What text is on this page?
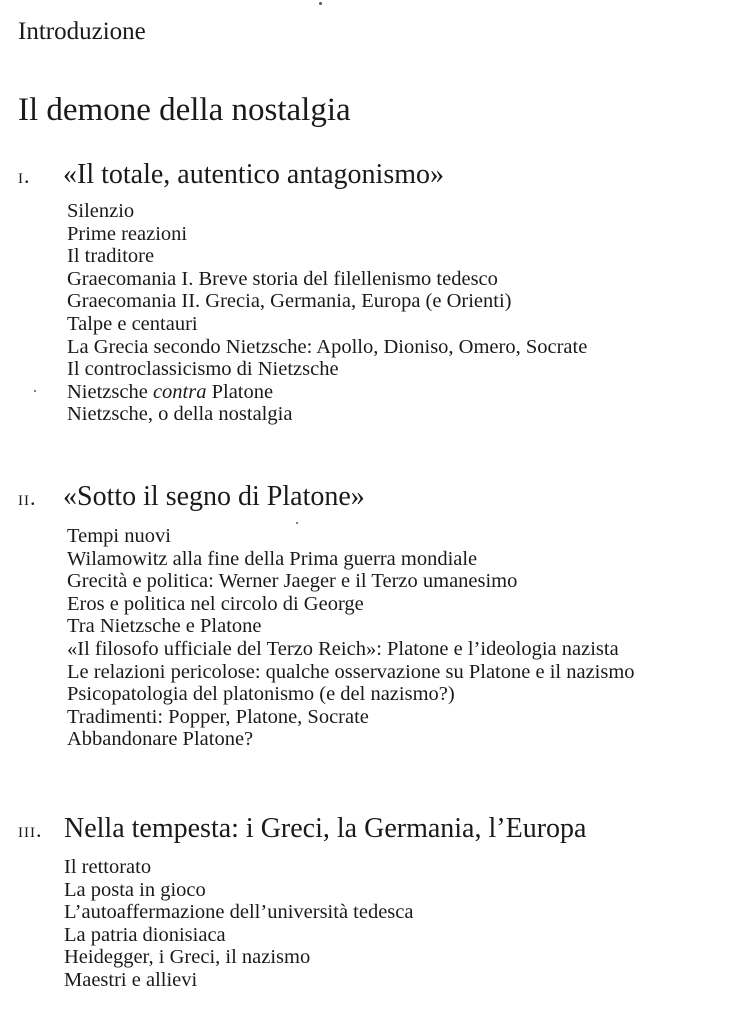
Introduzione
Il demone della nostalgia
i. «Il totale, autentico antagonismo»
Silenzio
Prime reazioni
Il traditore
Graecomania I. Breve storia del filellenismo tedesco
Graecomania II. Grecia, Germania, Europa (e Orienti)
Talpe e centauri
La Grecia secondo Nietzsche: Apollo, Dioniso, Omero, Socrate
Il controclassicismo di Nietzsche
Nietzsche contra Platone
Nietzsche, o della nostalgia
ii. «Sotto il segno di Platone»
Tempi nuovi
Wilamowitz alla fine della Prima guerra mondiale
Grecità e politica: Werner Jaeger e il Terzo umanesimo
Eros e politica nel circolo di George
Tra Nietzsche e Platone
«Il filosofo ufficiale del Terzo Reich»: Platone e l’ideologia nazista
Le relazioni pericolose: qualche osservazione su Platone e il nazismo
Psicopatologia del platonismo (e del nazismo?)
Tradimenti: Popper, Platone, Socrate
Abbandonare Platone?
iii. Nella tempesta: i Greci, la Germania, l’Europa
Il rettorato
La posta in gioco
L’autoaffermazione dell’università tedesca
La patria dionisiaca
Heidegger, i Greci, il nazismo
Maestri e allievi
